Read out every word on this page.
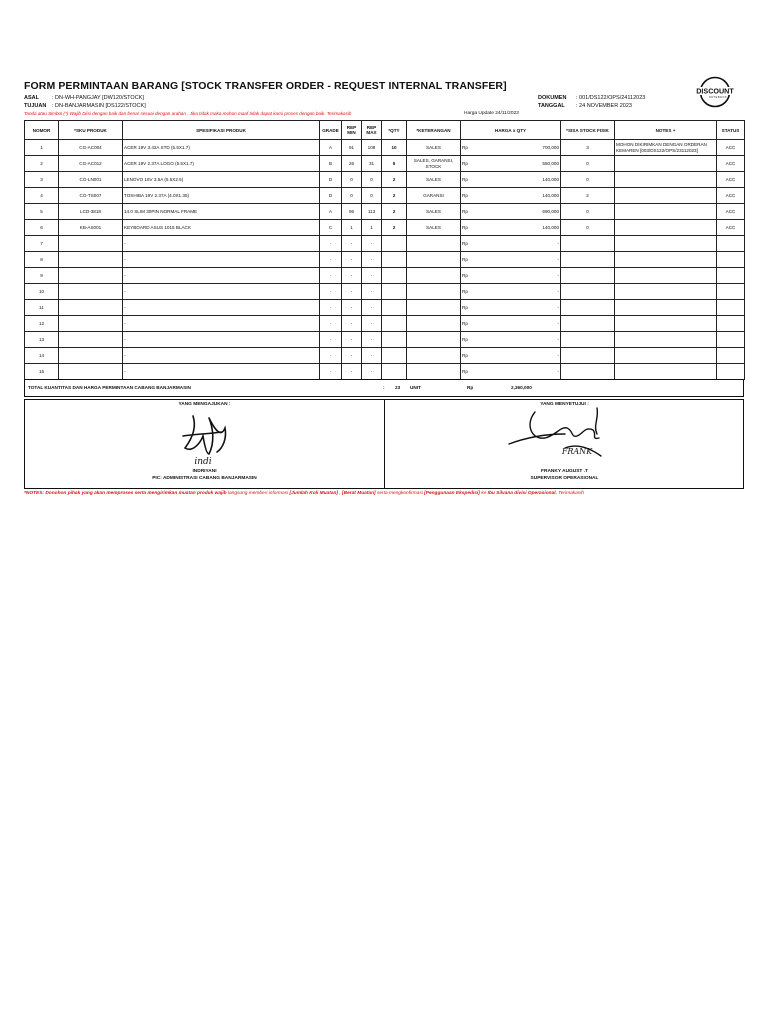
FORM PERMINTAAN BARANG [STOCK TRANSFER ORDER - REQUEST INTERNAL TRANSFER]
ASAL : DN-WH-PANGJAY [DW120/STOCK]
TUJUAN : DN-BANJARMASIN [DS122/STOCK]
DOKUMEN : 001/DS122/OPS/24112023
TANGGAL : 24 NOVEMBER 2023
DISCOUNT
NOTEBOOK
Tanda atau Simbol (*) Wajib Diisi dengan baik dan benar sesuai dengan arahan . Jika tidak maka mohon maaf tidak dapat kami proses dengan baik. Terimakasih	Harga Update 24/11/2023
NOMOR	*SKU PRODUK	SPESIFIKASI PRODUK	GRADE	REP MIN	REP MAX	*QTY	*KETERANGAN	HARGA x QTY	*SISA STOCK FISIK	NOTES +	STATUS
1	CG-AC004	ACER 19V 3.42A STD (5.5X1.7)	A	91	108	10	SALES	Rp 700,000	3	MOHON DIKIRIMKAN DENGAN ORDERAN KEMAREN [003/DS122/OPS/23112023]	ACC
2	CG-AC012	ACER 19V 2.37A LOGO (5.5X1.7)	B	26	31	5	SALES, GARANSI, STOCK	Rp 550,000	0		ACC
3	CG-LN001	LENOVO 16V 3.5A (5.5X2.5)	D	0	0	2	SALES	Rp 140,000	0		ACC
4	CG-TS007	TOSHIBA 19V 2.37A (4.0X1.35)	D	0	0	2	GARANSI	Rp 140,000	2		ACC
5	LCD-3818	14.0 SLIM 30PIN NORMAL FRAME	A	96	113	2	SALES	Rp 690,000	0		ACC
6	KB-AS001	KEYBOARD ASUS 1015 BLACK	C	1	1	2	SALES	Rp 140,000	0		ACC
7		-	-	-	-			Rp -			

8		-	-	-	-			Rp -			

9		-	-	-	-			Rp -			

10		-	-	-	-			Rp -			

11		-	-	-	-			Rp -			

12		-	-	-	-			Rp -			

13		-	-	-	-			Rp -			

14		-	-	-	-			Rp -			

15		-	-	-	-			Rp -			

TOTAL KUANTITAS DAN HARGA PERMINTAAN CABANG BANJARMASIN	: 23 UNIT	Rp	2,360,000
YANG MENGAJUKAN :
indi
INDRIYANI
PIC: ADMINISTRASI CABANG BANJARMASIN
YANG MENYETUJUI :
FRANK
FRANKY AUGUST .T
SUPERVISOR OPERASIONAL
*NOTES: Donohon pihak yang akan memproses serta mengirimkan muatan produk wajib langsung memberi informasi [Jumlah Koli Muatan] , [Berat Muatan] serta mengkonfirmasi [Penggunaan Ekspedisi] ke Ibu Silvana divisi Operasional. Terimakasih
